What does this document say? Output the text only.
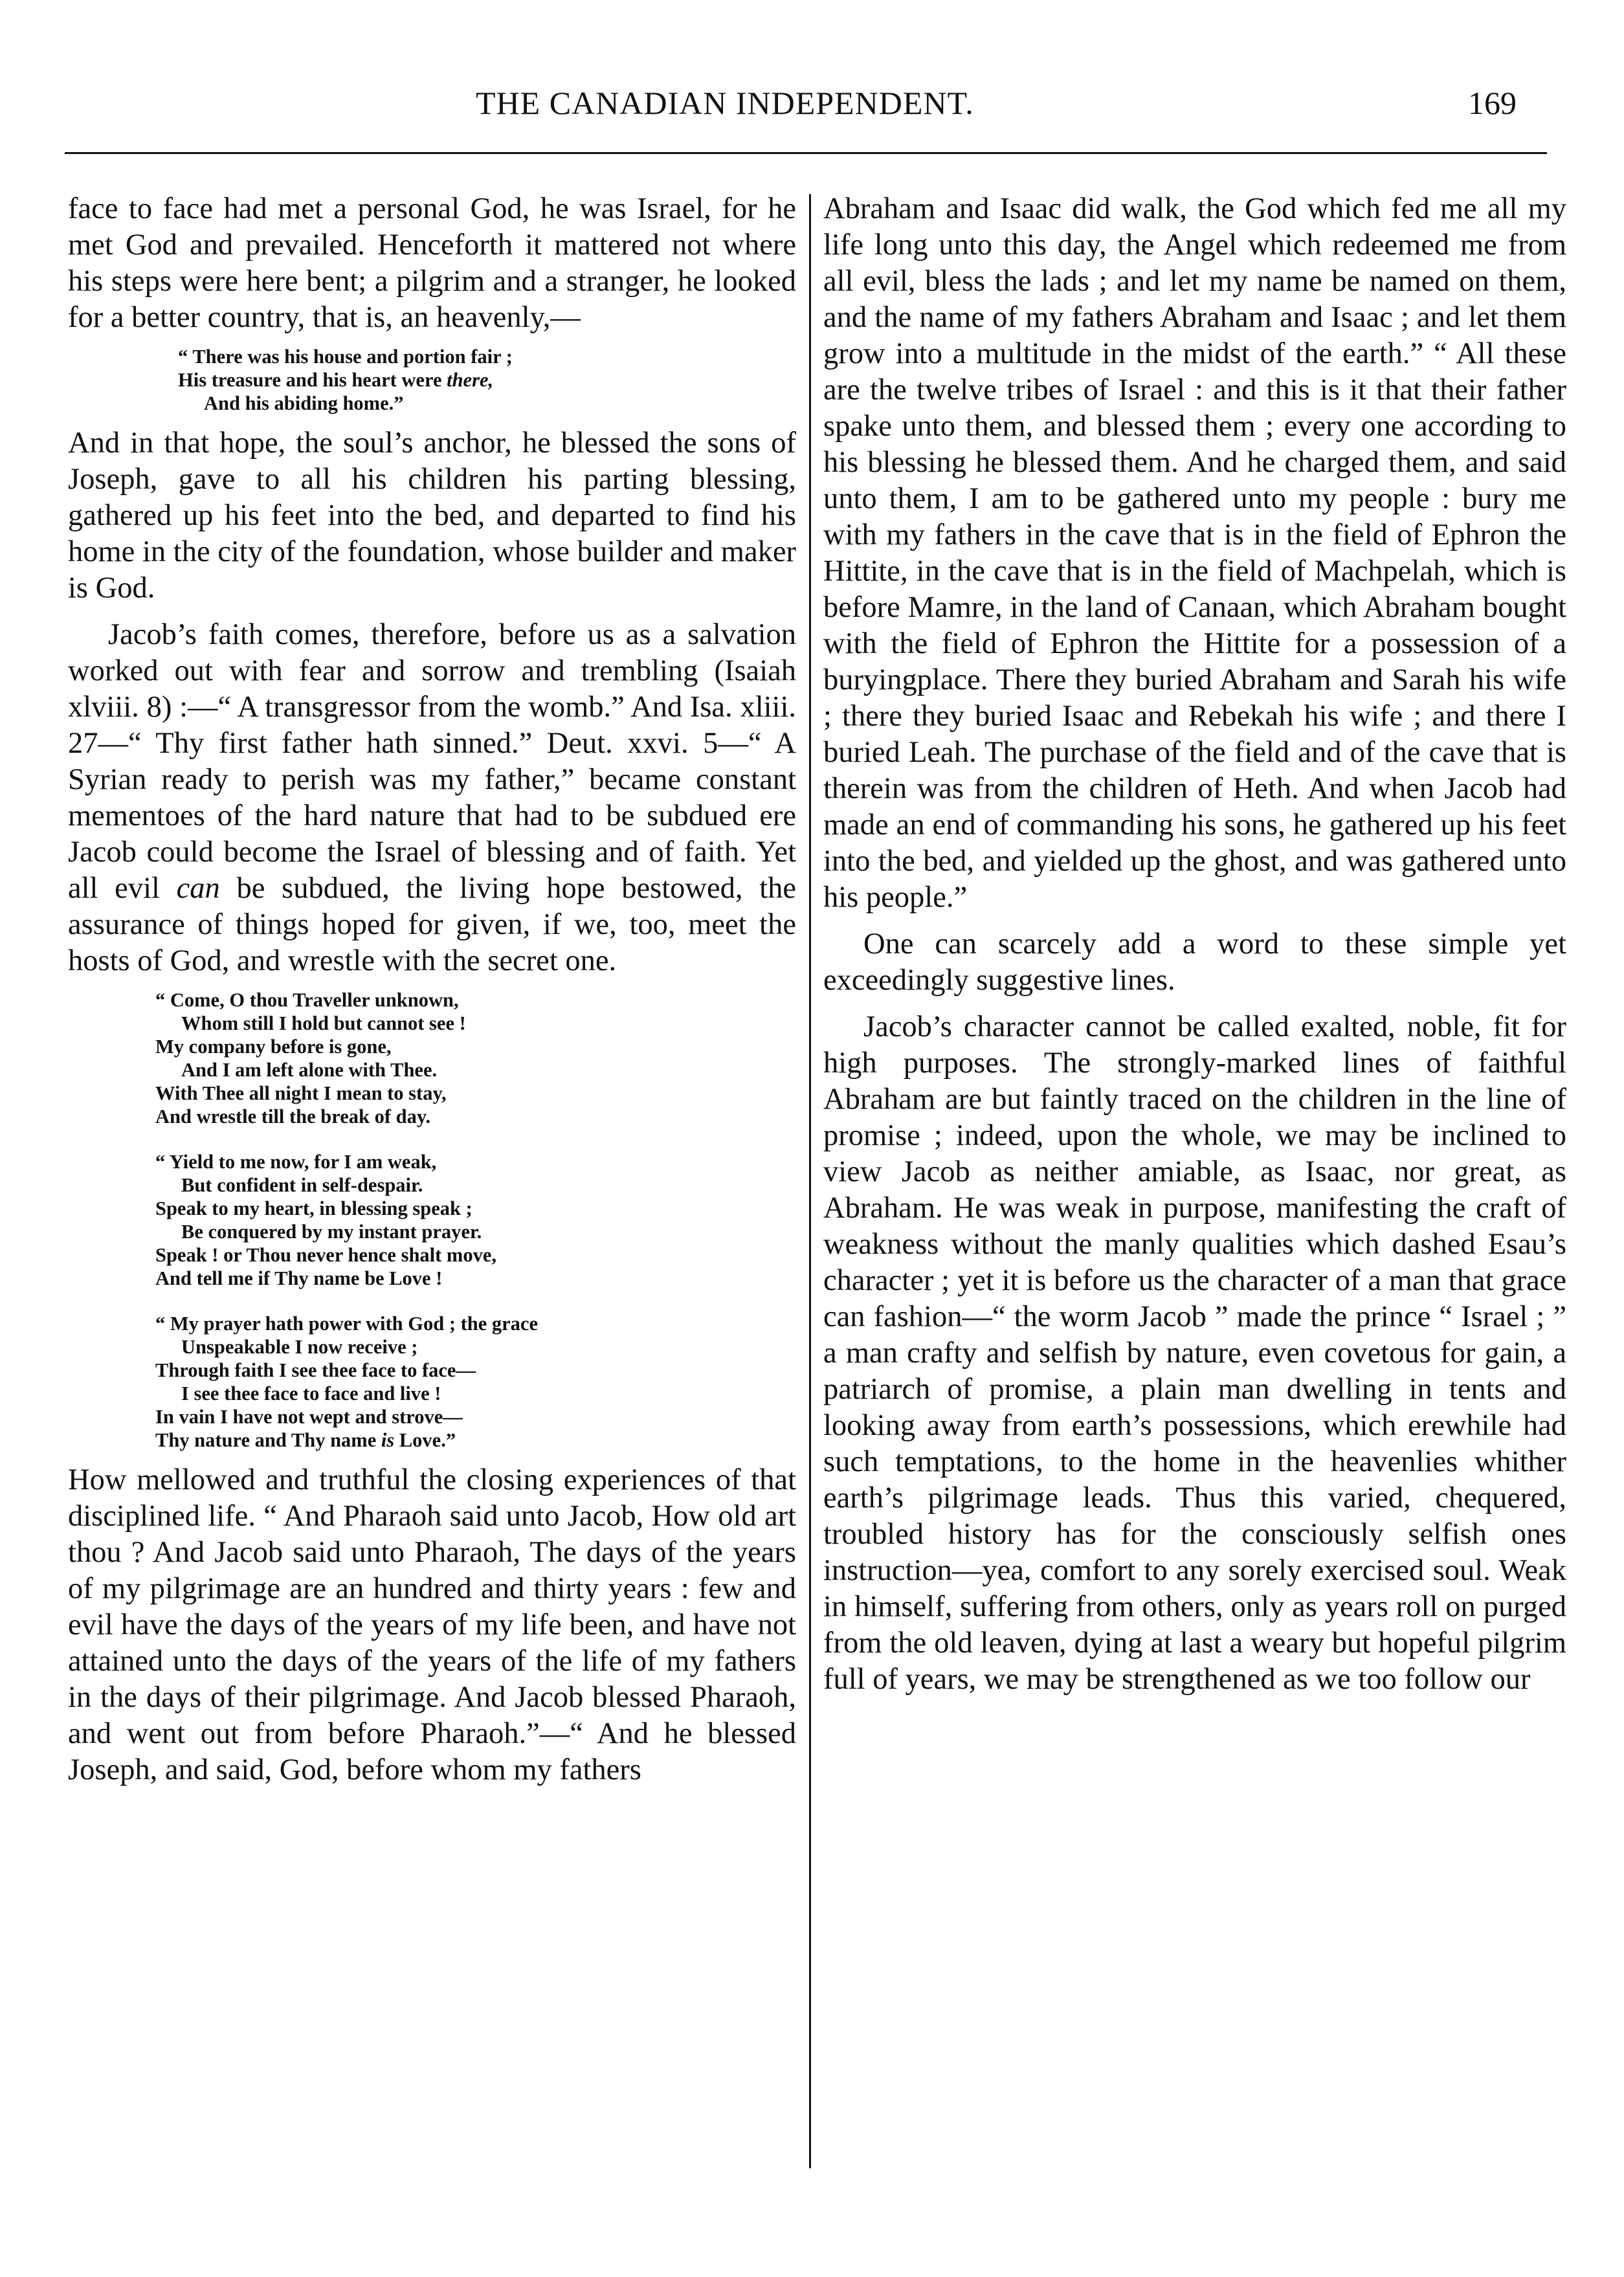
THE CANADIAN INDEPENDENT.	169

face to face had met a personal God, he was Israel, for he met God and prevailed. Henceforth it mattered not where his steps were here bent; a pilgrim and a stranger, he looked for a better country, that is, an heavenly,—

“ There was his house and portion fair ;
His treasure and his heart were there,
And his abiding home.”

And in that hope, the soul’s anchor, he blessed the sons of Joseph, gave to all his children his parting blessing, gathered up his feet into the bed, and departed to find his home in the city of the foundation, whose builder and maker is God.

Jacob’s faith comes, therefore, before us as a salvation worked out with fear and sorrow and trembling (Isaiah xlviii. 8) :—“ A transgressor from the womb.” And Isa. xliii. 27—“ Thy first father hath sinned.” Deut. xxvi. 5—“ A Syrian ready to perish was my father,” became constant mementoes of the hard nature that had to be subdued ere Jacob could become the Israel of blessing and of faith. Yet all evil can be subdued, the living hope bestowed, the assurance of things hoped for given, if we, too, meet the hosts of God, and wrestle with the secret one.

“ Come, O thou Traveller unknown,
Whom still I hold but cannot see !
My company before is gone,
And I am left alone with Thee.
With Thee all night I mean to stay,
And wrestle till the break of day.
“ Yield to me now, for I am weak,
But confident in self-despair.
Speak to my heart, in blessing speak ;
Be conquered by my instant prayer.
Speak ! or Thou never hence shalt move,
And tell me if Thy name be Love !
“ My prayer hath power with God ; the grace
Unspeakable I now receive ;
Through faith I see thee face to face—
I see thee face to face and live !
In vain I have not wept and strove—
Thy nature and Thy name is Love.”

How mellowed and truthful the closing experiences of that disciplined life. “ And Pharaoh said unto Jacob, How old art thou ? And Jacob said unto Pharaoh, The days of the years of my pilgrimage are an hundred and thirty years : few and evil have the days of the years of my life been, and have not attained unto the days of the years of the life of my fathers in the days of their pilgrimage. And Jacob blessed Pharaoh, and went out from before Pharaoh.”—“ And he blessed Joseph, and said, God, before whom my fathers

Abraham and Isaac did walk, the God which fed me all my life long unto this day, the Angel which redeemed me from all evil, bless the lads ; and let my name be named on them, and the name of my fathers Abraham and Isaac ; and let them grow into a multitude in the midst of the earth.” “ All these are the twelve tribes of Israel : and this is it that their father spake unto them, and blessed them ; every one according to his blessing he blessed them. And he charged them, and said unto them, I am to be gathered unto my people : bury me with my fathers in the cave that is in the field of Ephron the Hittite, in the cave that is in the field of Machpelah, which is before Mamre, in the land of Canaan, which Abraham bought with the field of Ephron the Hittite for a possession of a buryingplace. There they buried Abraham and Sarah his wife ; there they buried Isaac and Rebekah his wife ; and there I buried Leah. The purchase of the field and of the cave that is therein was from the children of Heth. And when Jacob had made an end of commanding his sons, he gathered up his feet into the bed, and yielded up the ghost, and was gathered unto his people.”

One can scarcely add a word to these simple yet exceedingly suggestive lines.

Jacob’s character cannot be called exalted, noble, fit for high purposes. The strongly-marked lines of faithful Abraham are but faintly traced on the children in the line of promise ; indeed, upon the whole, we may be inclined to view Jacob as neither amiable, as Isaac, nor great, as Abraham. He was weak in purpose, manifesting the craft of weakness without the manly qualities which dashed Esau’s character ; yet it is before us the character of a man that grace can fashion—“ the worm Jacob ” made the prince “ Israel ; ” a man crafty and selfish by nature, even covetous for gain, a patriarch of promise, a plain man dwelling in tents and looking away from earth’s possessions, which erewhile had such temptations, to the home in the heavenlies whither earth’s pilgrimage leads. Thus this varied, chequered, troubled history has for the consciously selfish ones instruction—yea, comfort to any sorely exercised soul. Weak in himself, suffering from others, only as years roll on purged from the old leaven, dying at last a weary but hopeful pilgrim full of years, we may be strengthened as we too follow our
